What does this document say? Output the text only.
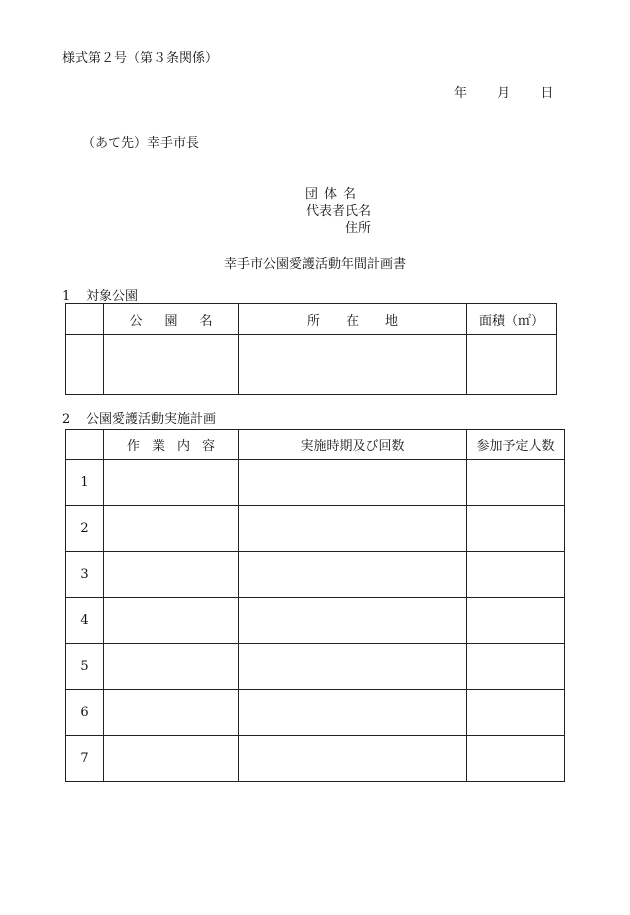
様式第２号（第３条関係）
年 月 日
（あて先）幸手市長
団体名
代表者氏名
住所
幸手市公園愛護活動年間計画書
1 対象公園
	公園名	所在地	面積（㎡）

2 公園愛護活動実施計画
	作業内容	実施時期及び回数	参加予定人数
1			
2			
3			
4			
5			
6			
7			
